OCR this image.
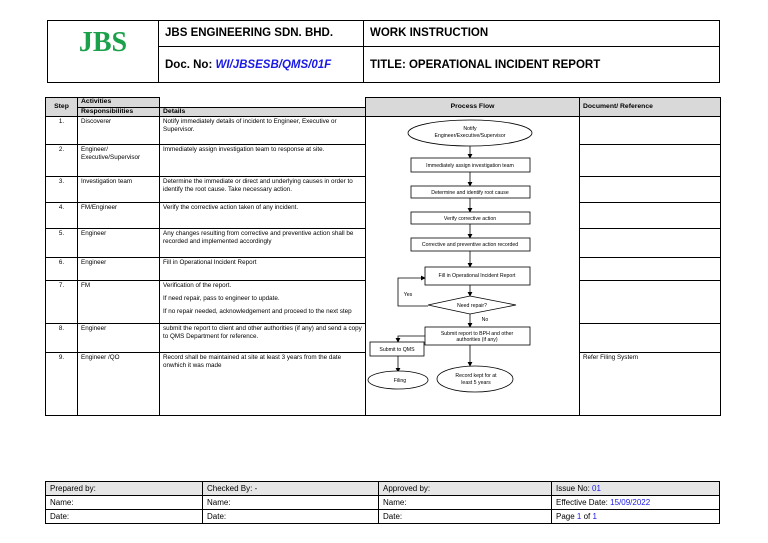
JBS	JBS ENGINEERING SDN. BHD.	WORK INSTRUCTION
Doc. No: WI/JBSESB/QMS/01F	TITLE: OPERATIONAL INCIDENT REPORT
Step	Activities		Process Flow	Document/ Reference
	Responsibilities	Details		
1.	Discoverer	Notify immediately details of incident to Engineer, Executive or Supervisor.		
2.	Engineer/ Executive/Supervisor	Immediately assign investigation team to response at site.		
3.	Investigation team	Determine the immediate or direct and underlying causes in order to identify the root cause. Take necessary action.		
4.	FM/Engineer	Verify the corrective action taken of any incident.		
5.	Engineer	Any changes resulting from corrective and preventive action shall be recorded and implemented accordingly		
6.	Engineer	Fill in Operational Incident Report		
7.	FM	Verification of the report.
If need repair, pass to engineer to update.
If no repair needed, acknowledgement and proceed to the next step		

8.	Engineer	submit the report to client and other authorities (if any) and send a copy to QMS Department for reference.		
9.	Engineer /QO	Record shall be maintained at site at least 3 years from the date onwhich it was made		Refer Filing System
Notify
Engineer/Executive/Supervisor
Immediately assign investigation team
Determine and identify root cause
Verify corrective action
Corrective and preventive action recorded
Fill in Operational Incident Report
Need repair?
Yes
No
Submit report to BPH and other
authorities (if any)
Submit to QMS
Filing
Record kept for at
least 5 years
Prepared by:	Checked By: -	Approved by:	Issue No: 01
Name:	Name:	Name:	Effective Date: 15/09/2022
Date:	Date:	Date:	Page 1 of 1
